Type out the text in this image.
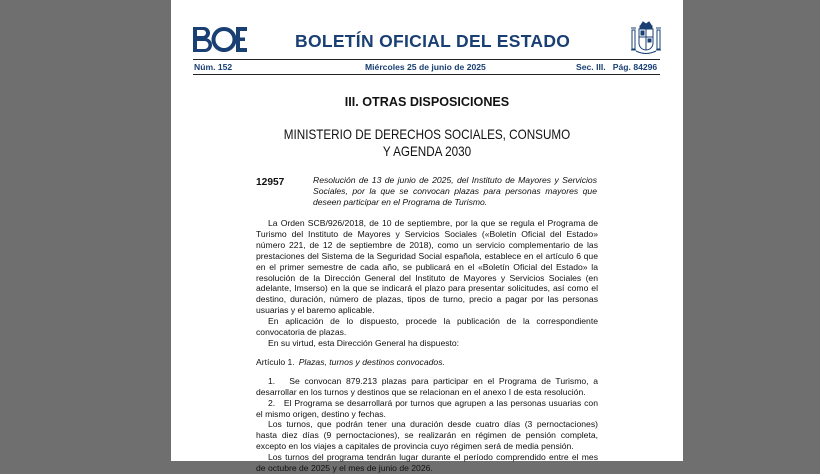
BOLETÍN OFICIAL DEL ESTADO
Núm. 152	Miércoles 25 de junio de 2025	Sec. III.   Pág. 84296
III. OTRAS DISPOSICIONES
MINISTERIO DE DERECHOS SOCIALES, CONSUMO
Y AGENDA 2030
12957	Resolución de 13 de junio de 2025, del Instituto de Mayores y Servicios Sociales, por la que se convocan plazas para personas mayores que deseen participar en el Programa de Turismo.

La Orden SCB/926/2018, de 10 de septiembre, por la que se regula el Programa de Turismo del Instituto de Mayores y Servicios Sociales («Boletín Oficial del Estado» número 221, de 12 de septiembre de 2018), como un servicio complementario de las prestaciones del Sistema de la Seguridad Social española, establece en el artículo 6 que en el primer semestre de cada año, se publicará en el «Boletín Oficial del Estado» la resolución de la Dirección General del Instituto de Mayores y Servicios Sociales (en adelante, Imserso) en la que se indicará el plazo para presentar solicitudes, así como el destino, duración, número de plazas, tipos de turno, precio a pagar por las personas usuarias y el baremo aplicable.

En aplicación de lo dispuesto, procede la publicación de la correspondiente convocatoria de plazas.

En su virtud, esta Dirección General ha dispuesto:

Artículo 1. Plazas, turnos y destinos convocados.

1.   Se convocan 879.213 plazas para participar en el Programa de Turismo, a desarrollar en los turnos y destinos que se relacionan en el anexo I de esta resolución.

2.   El Programa se desarrollará por turnos que agrupen a las personas usuarias con el mismo origen, destino y fechas.

Los turnos, que podrán tener una duración desde cuatro días (3 pernoctaciones) hasta diez días (9 pernoctaciones), se realizarán en régimen de pensión completa, excepto en los viajes a capitales de provincia cuyo régimen será de media pensión.

Los turnos del programa tendrán lugar durante el período comprendido entre el mes de octubre de 2025 y el mes de junio de 2026.
